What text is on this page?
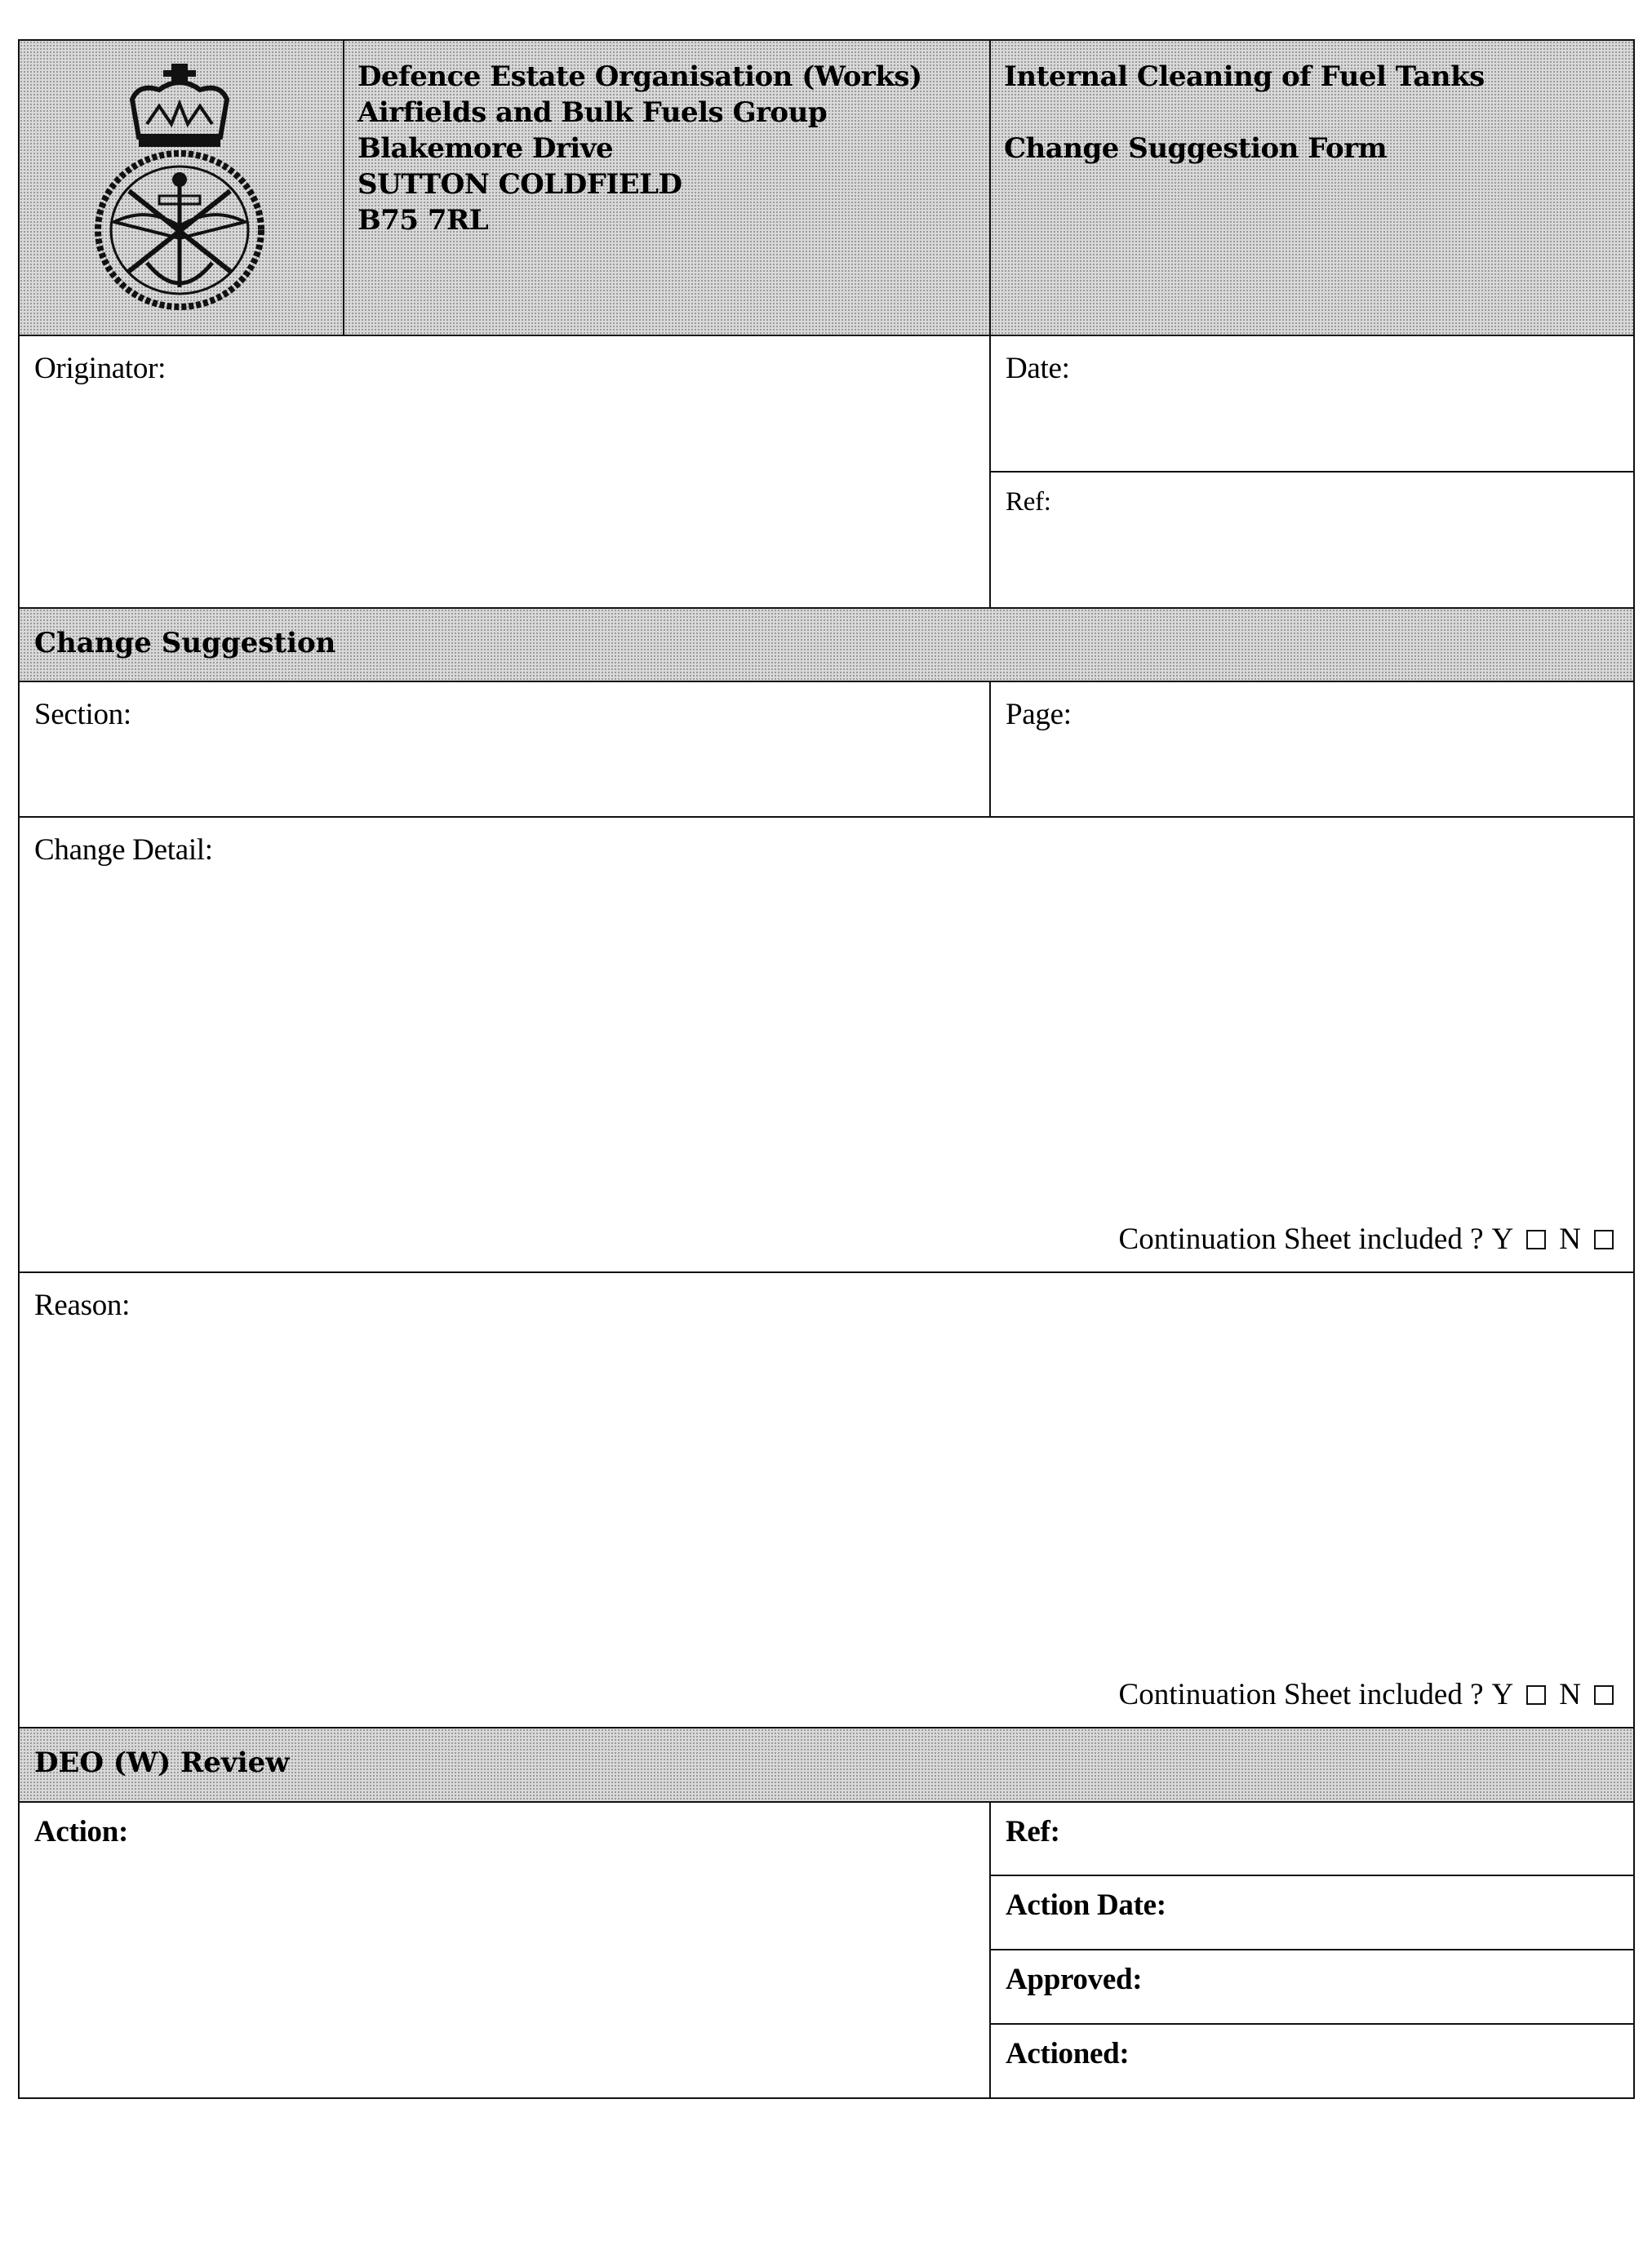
Defence Estate Organisation (Works)
Airfields and Bulk Fuels Group
Blakemore Drive
SUTTON COLDFIELD
B75 7RL
Internal Cleaning of Fuel Tanks
Change Suggestion Form
Originator:	Date:
Ref:
Change Suggestion
Section:	Page:
Change Detail:
Continuation Sheet included ? Y N
Reason:
Continuation Sheet included ? Y N
DEO (W) Review
Action:	Ref:
Action Date:
Approved:
Actioned:
